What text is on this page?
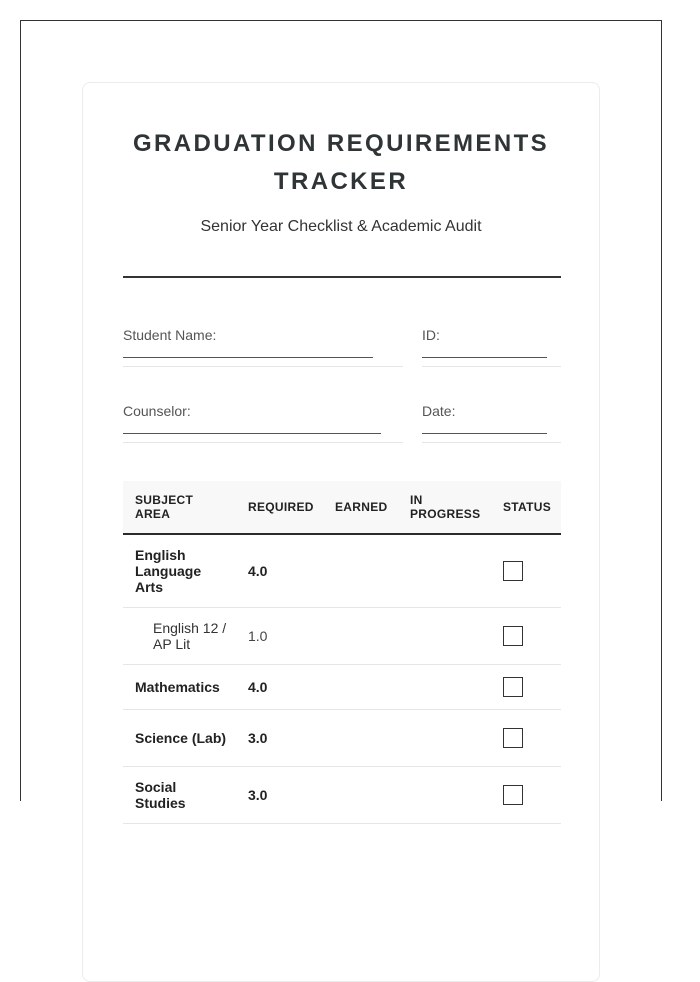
GRADUATION REQUIREMENTS
TRACKER
Senior Year Checklist & Academic Audit
Student Name:	ID:
Counselor:	Date:
SUBJECT AREA	REQUIRED	EARNED	IN PROGRESS	STATUS
English Language Arts	4.0			

English 12 / AP Lit	1.0			

Mathematics	4.0			

Science (Lab)	3.0			

Social Studies	3.0			
